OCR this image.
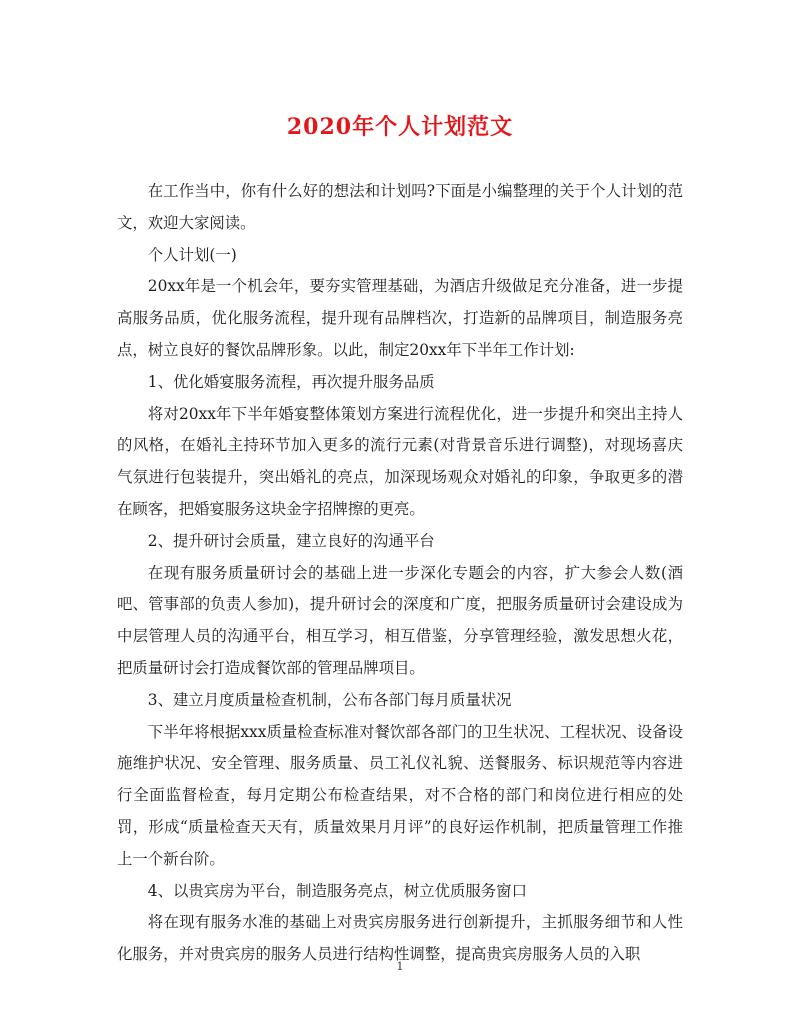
2020年个人计划范文

在工作当中，你有什么好的想法和计划吗?下面是小编整理的关于个人计划的范文，欢迎大家阅读。

个人计划(一)

20xx年是一个机会年，要夯实管理基础，为酒店升级做足充分准备，进一步提高服务品质，优化服务流程，提升现有品牌档次，打造新的品牌项目，制造服务亮点，树立良好的餐饮品牌形象。以此，制定20xx年下半年工作计划:

1、优化婚宴服务流程，再次提升服务品质

将对20xx年下半年婚宴整体策划方案进行流程优化，进一步提升和突出主持人的风格，在婚礼主持环节加入更多的流行元素(对背景音乐进行调整)，对现场喜庆气氛进行包装提升，突出婚礼的亮点，加深现场观众对婚礼的印象，争取更多的潜在顾客，把婚宴服务这块金字招牌擦的更亮。

2、提升研讨会质量，建立良好的沟通平台

在现有服务质量研讨会的基础上进一步深化专题会的内容，扩大参会人数(酒吧、管事部的负责人参加)，提升研讨会的深度和广度，把服务质量研讨会建设成为中层管理人员的沟通平台，相互学习，相互借鉴，分享管理经验，激发思想火花，把质量研讨会打造成餐饮部的管理品牌项目。

3、建立月度质量检查机制，公布各部门每月质量状况

下半年将根据xxx质量检查标准对餐饮部各部门的卫生状况、工程状况、设备设施维护状况、安全管理、服务质量、员工礼仪礼貌、送餐服务、标识规范等内容进行全面监督检查，每月定期公布检查结果，对不合格的部门和岗位进行相应的处罚，形成“质量检查天天有，质量效果月月评”的良好运作机制，把质量管理工作推上一个新台阶。

4、以贵宾房为平台，制造服务亮点，树立优质服务窗口

将在现有服务水准的基础上对贵宾房服务进行创新提升，主抓服务细节和人性化服务，并对贵宾房的服务人员进行结构性调整，提高贵宾房服务人员的入职

1
